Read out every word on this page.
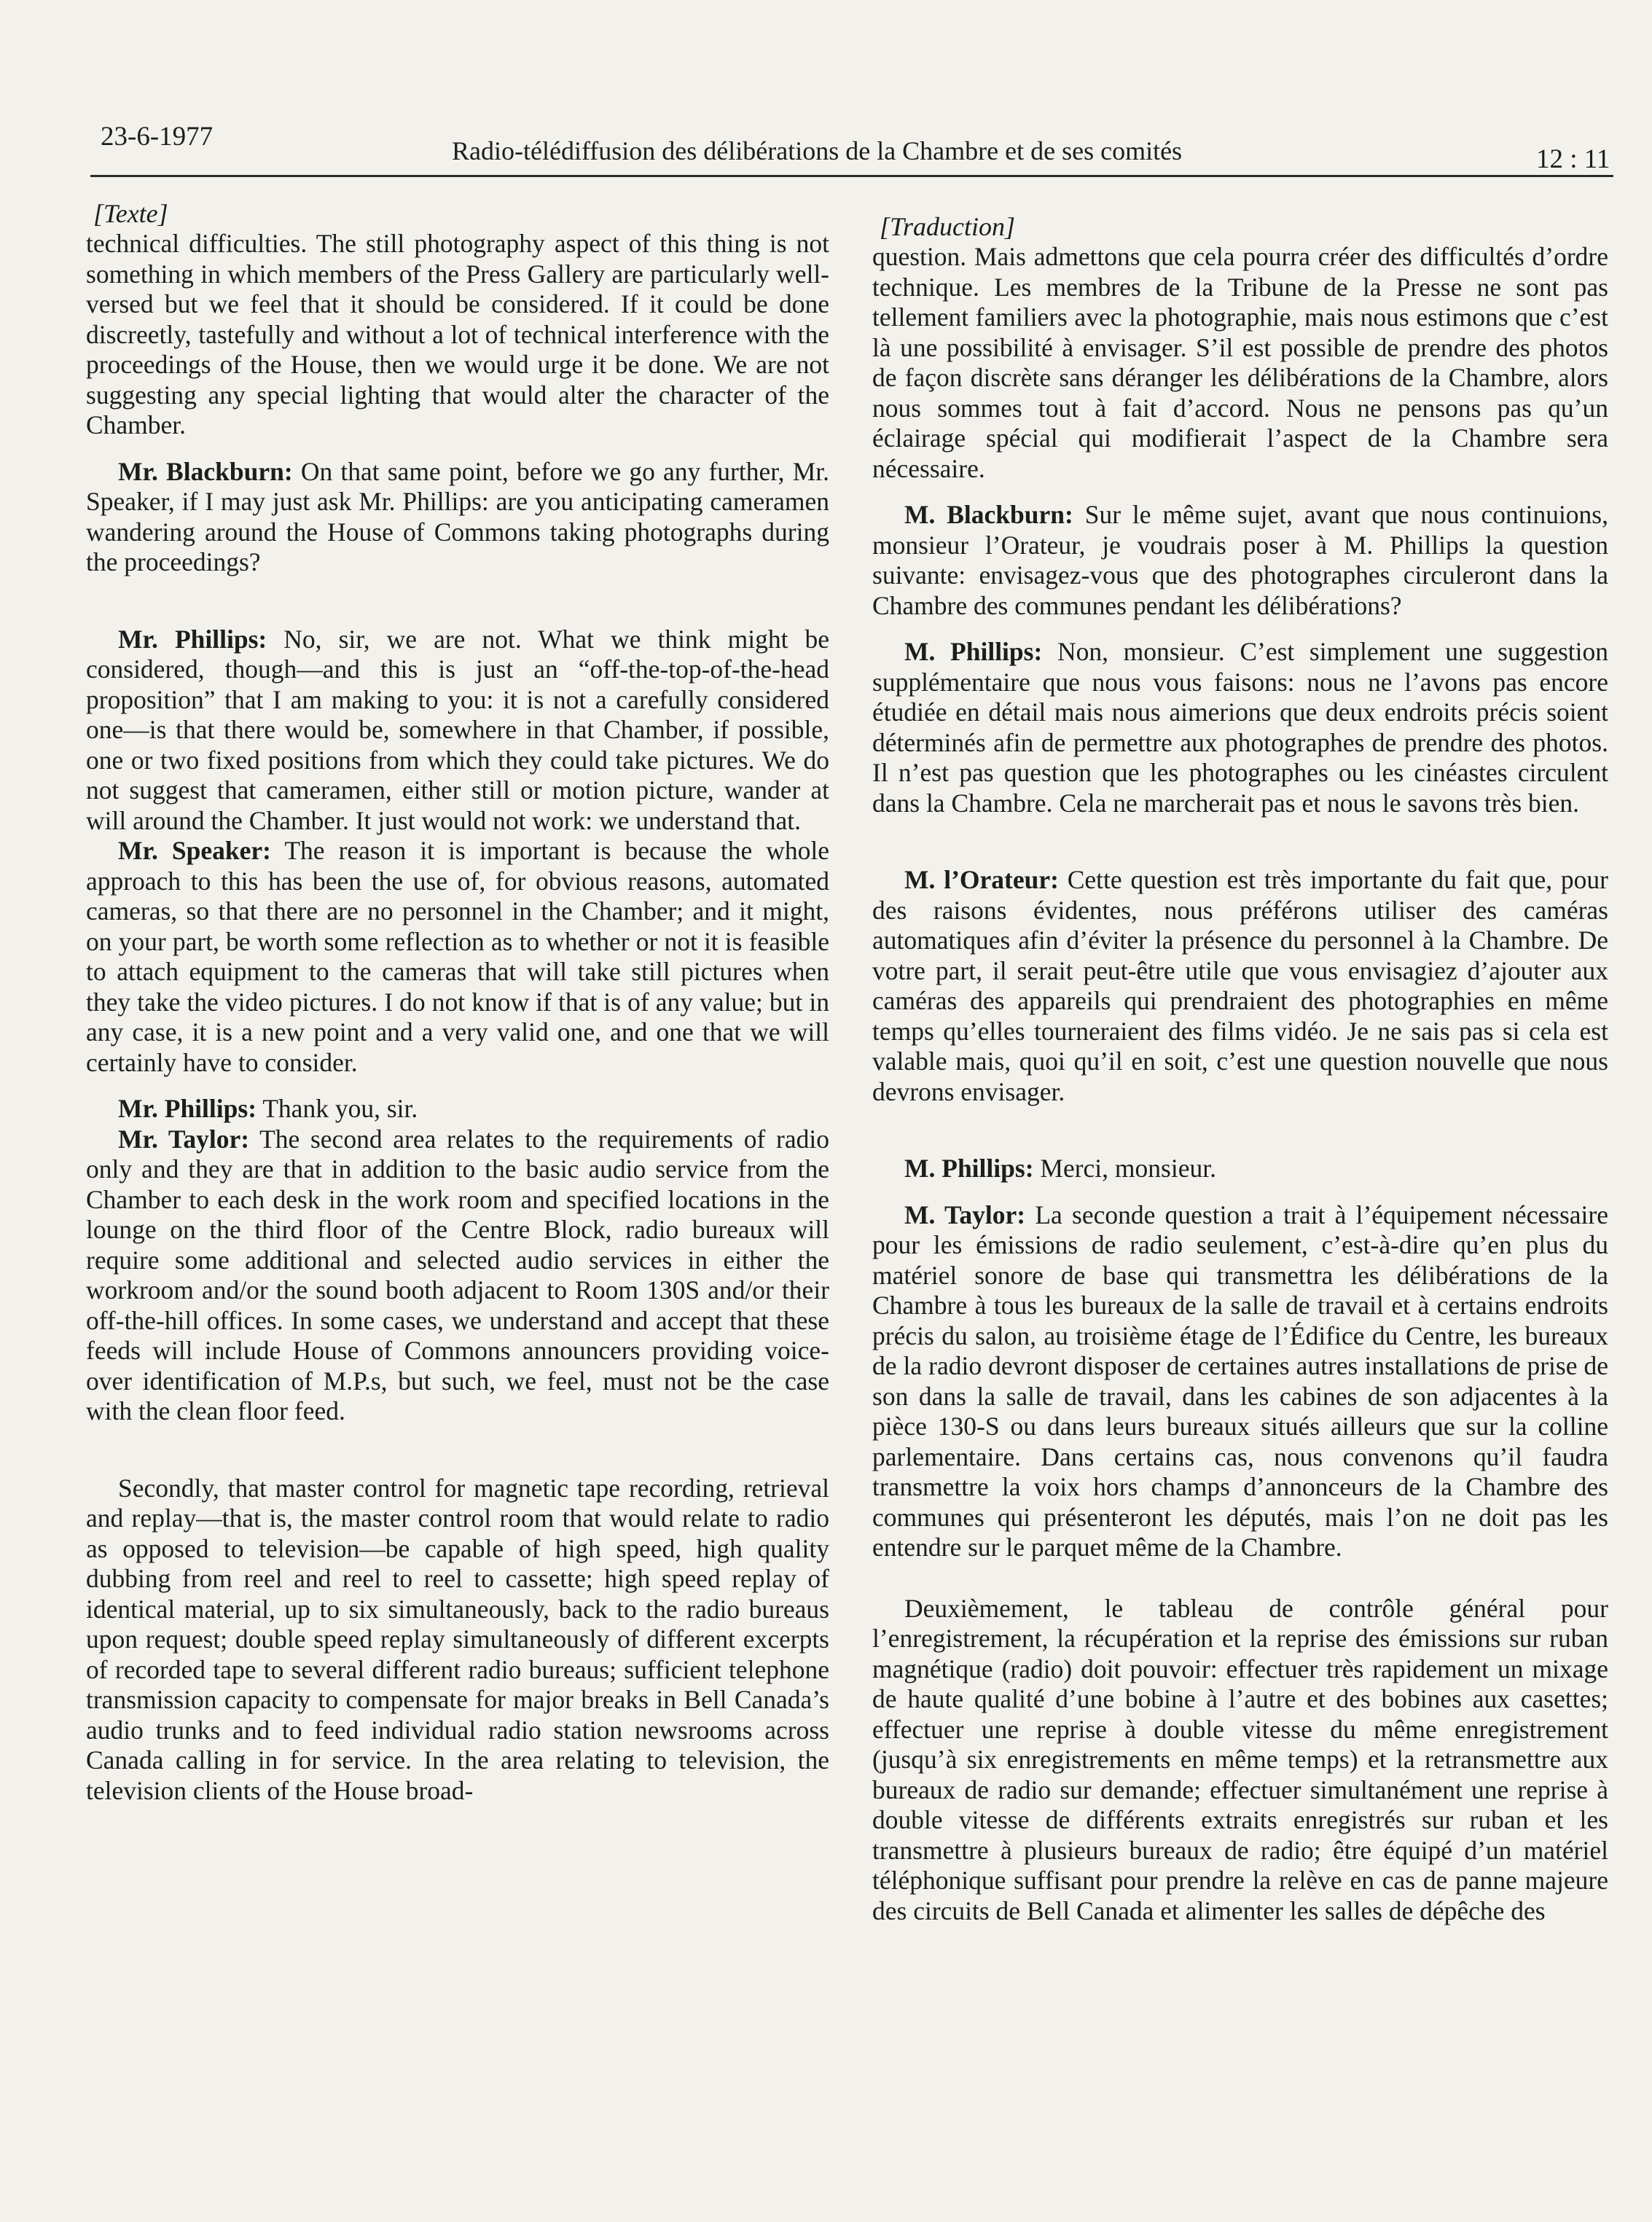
23-6-1977	Radio-télédiffusion des délibérations de la Chambre et de ses comités	12 : 11
[Texte]

technical difficulties. The still photography aspect of this thing is not something in which members of the Press Gallery are particularly well-versed but we feel that it should be considered. If it could be done discreetly, tastefully and without a lot of technical interference with the proceedings of the House, then we would urge it be done. We are not suggesting any special lighting that would alter the character of the Chamber.

Mr. Blackburn: On that same point, before we go any further, Mr. Speaker, if I may just ask Mr. Phillips: are you anticipating cameramen wandering around the House of Commons taking photographs during the proceedings?

Mr. Phillips: No, sir, we are not. What we think might be considered, though—and this is just an “off-the-top-of-the-head proposition” that I am making to you: it is not a carefully considered one—is that there would be, somewhere in that Chamber, if possible, one or two fixed positions from which they could take pictures. We do not suggest that cameramen, either still or motion picture, wander at will around the Chamber. It just would not work: we understand that.

Mr. Speaker: The reason it is important is because the whole approach to this has been the use of, for obvious reasons, automated cameras, so that there are no personnel in the Chamber; and it might, on your part, be worth some reflection as to whether or not it is feasible to attach equipment to the cameras that will take still pictures when they take the video pictures. I do not know if that is of any value; but in any case, it is a new point and a very valid one, and one that we will certainly have to consider.

Mr. Phillips: Thank you, sir.

Mr. Taylor: The second area relates to the requirements of radio only and they are that in addition to the basic audio service from the Chamber to each desk in the work room and specified locations in the lounge on the third floor of the Centre Block, radio bureaux will require some additional and selected audio services in either the workroom and/or the sound booth adjacent to Room 130S and/or their off-the-hill offices. In some cases, we understand and accept that these feeds will include House of Commons announcers providing voice-over identification of M.P.s, but such, we feel, must not be the case with the clean floor feed.

Secondly, that master control for magnetic tape recording, retrieval and replay—that is, the master control room that would relate to radio as opposed to television—be capable of high speed, high quality dubbing from reel and reel to reel to cassette; high speed replay of identical material, up to six simultaneously, back to the radio bureaus upon request; double speed replay simultaneously of different excerpts of recorded tape to several different radio bureaus; sufficient telephone transmission capacity to compensate for major breaks in Bell Canada’s audio trunks and to feed individual radio station newsrooms across Canada calling in for service. In the area relating to television, the television clients of the House broad-

[Traduction]

question. Mais admettons que cela pourra créer des difficultés d’ordre technique. Les membres de la Tribune de la Presse ne sont pas tellement familiers avec la photographie, mais nous estimons que c’est là une possibilité à envisager. S’il est possible de prendre des photos de façon discrète sans déranger les délibérations de la Chambre, alors nous sommes tout à fait d’accord. Nous ne pensons pas qu’un éclairage spécial qui modifierait l’aspect de la Chambre sera nécessaire.

M. Blackburn: Sur le même sujet, avant que nous continuions, monsieur l’Orateur, je voudrais poser à M. Phillips la question suivante: envisagez-vous que des photographes circuleront dans la Chambre des communes pendant les délibérations?

M. Phillips: Non, monsieur. C’est simplement une suggestion supplémentaire que nous vous faisons: nous ne l’avons pas encore étudiée en détail mais nous aimerions que deux endroits précis soient déterminés afin de permettre aux photographes de prendre des photos. Il n’est pas question que les photographes ou les cinéastes circulent dans la Chambre. Cela ne marcherait pas et nous le savons très bien.

M. l’Orateur: Cette question est très importante du fait que, pour des raisons évidentes, nous préférons utiliser des caméras automatiques afin d’éviter la présence du personnel à la Chambre. De votre part, il serait peut-être utile que vous envisagiez d’ajouter aux caméras des appareils qui prendraient des photographies en même temps qu’elles tourneraient des films vidéo. Je ne sais pas si cela est valable mais, quoi qu’il en soit, c’est une question nouvelle que nous devrons envisager.

M. Phillips: Merci, monsieur.

M. Taylor: La seconde question a trait à l’équipement nécessaire pour les émissions de radio seulement, c’est-à-dire qu’en plus du matériel sonore de base qui transmettra les délibérations de la Chambre à tous les bureaux de la salle de travail et à certains endroits précis du salon, au troisième étage de l’Édifice du Centre, les bureaux de la radio devront disposer de certaines autres installations de prise de son dans la salle de travail, dans les cabines de son adjacentes à la pièce 130-S ou dans leurs bureaux situés ailleurs que sur la colline parlementaire. Dans certains cas, nous convenons qu’il faudra transmettre la voix hors champs d’annonceurs de la Chambre des communes qui présenteront les députés, mais l’on ne doit pas les entendre sur le parquet même de la Chambre.

Deuxièmement, le tableau de contrôle général pour l’enregistrement, la récupération et la reprise des émissions sur ruban magnétique (radio) doit pouvoir: effectuer très rapidement un mixage de haute qualité d’une bobine à l’autre et des bobines aux casettes; effectuer une reprise à double vitesse du même enregistrement (jusqu’à six enregistrements en même temps) et la retransmettre aux bureaux de radio sur demande; effectuer simultanément une reprise à double vitesse de différents extraits enregistrés sur ruban et les transmettre à plusieurs bureaux de radio; être équipé d’un matériel téléphonique suffisant pour prendre la relève en cas de panne majeure des circuits de Bell Canada et alimenter les salles de dépêche des
